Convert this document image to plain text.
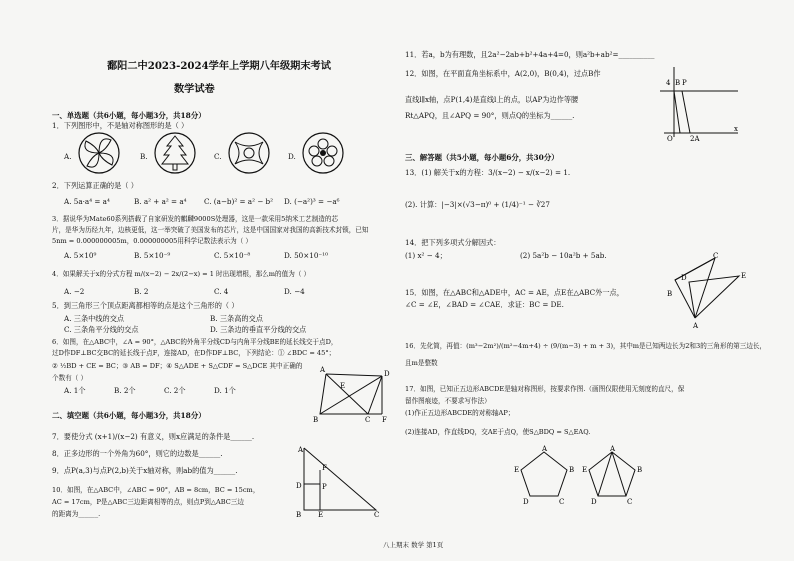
鄱阳二中2023-2024学年上学期八年级期末考试
数学试卷
一、单选题（共6小题，每小题3分，共18分）
1．下列图形中，不是轴对称图形的是（ ）
A.	B.	C.	D.
2．下列运算正确的是（ ）
A. 5a·a⁴ = a⁴	B. a² + a² = a⁴ C. (a−b)² = a² − b² D. (−a²)³ = −a⁶
3．据说华为Mate60系列搭载了自家研发的麒麟9000S处理器，这是一款采用5纳米工艺制造的芯
片，是华为历经九年，边核更低，这一举突破了美国发布的芯片，这是中国国家对我国的高新技术封锁，已知
5nm = 0.000000005m，0.000000005用科学记数法表示为（ ）
A. 5×10⁹	B. 5×10⁻⁹	C. 5×10⁻⁸	D. 50×10⁻¹⁰
4．如果解关于x的分式方程 m/(x−2) − 2x/(2−x) = 1 时出现增根，那么m的值为（ ）
A. −2	B. 2	C. 4	D. −4
5．到三角形三个顶点距离都相等的点是这个三角形的（ ）
A. 三条中线的交点	B. 三条高的交点
C. 三条角平分线的交点	D. 三条边的垂直平分线的交点
6．如图，在△ABC中，∠A = 90°，△ABC的外角平分线CD与内角平分线BE的延长线交于点D，
过D作DF⊥BC交BC的延长线于点F，连接AD，在D作DF⊥BC，下列结论：① ∠BDC = 45°；
② ½BD + CE = BC；③ AB = DF；④ S△ADE + S△CDF = S△DCE 其中正确的
个数有（ ）
A. 1个	B. 2个	C. 2个	D. 1个
A
B	C
D
E
F
二、填空题（共6小题，每小题3分，共18分）
7．要使分式 (x+1)/(x−2) 有意义，则x应满足的条件是______.
8．正多边形的一个外角为60°，则它的边数是______.
9．点P(a,3)与点P(2,b)关于x轴对称，则ab的值为______.
10．如图，在△ABC中，∠ABC = 90°，AB = 8cm，BC = 15cm，
AC = 17cm，P是△ABC三边距离相等的点，则点P到△ABC三边
的距离为______.
A
B	C
D
E
F
P
11．若a，b为有理数，且2a²−2ab+b²+4a+4=0，则a²b+ab²=__________
12．如图，在平面直角坐标系中，A(2,0)，B(0,4)，过点B作
直线l∥x轴，点P(1,4)是直线l上的点，以AP为边作等腰
Rt△APQ，且∠APQ = 90°，则点Q的坐标为______.
B
4 P
O 2A
x
三、解答题（共5小题，每小题6分，共30分）
13．(1) 解关于x的方程：3/(x−2) − x/(x−2) = 1.
(2). 计算：|−3|×(√3−π)⁰ + (1/4)⁻¹ − ∛27
14．把下列多项式分解因式：
(1) x² − 4；	(2) 5a²b − 10a²b + 5ab.
15．如图，在△ABC和△ADE中，AC = AE，点E在△ABC外一点，
∠C = ∠E，∠BAD = ∠CAE．求证：BC = DE.
A
B
C
D	E
16．先化简，再值：(m³−2m²)/(m²−4m+4) ÷ (9/(m−3) + m + 3)，其中m是已知两边长为2和3的三角形的第三边长，
且m是整数
17．如图，已知正五边形ABCDE是轴对称图形，按要求作图.（画图仅限使用无刻度的直尺，保
留作图痕迹，不要求写作法）
(1)作正五边形ABCDE的对称轴AP；
(2)连接AD，作直线DQ，交AE于点Q，使S△BDQ = S△EAQ.
A
E	B
D	C
A
E	B
D	C
八上期末 数学 第1页
